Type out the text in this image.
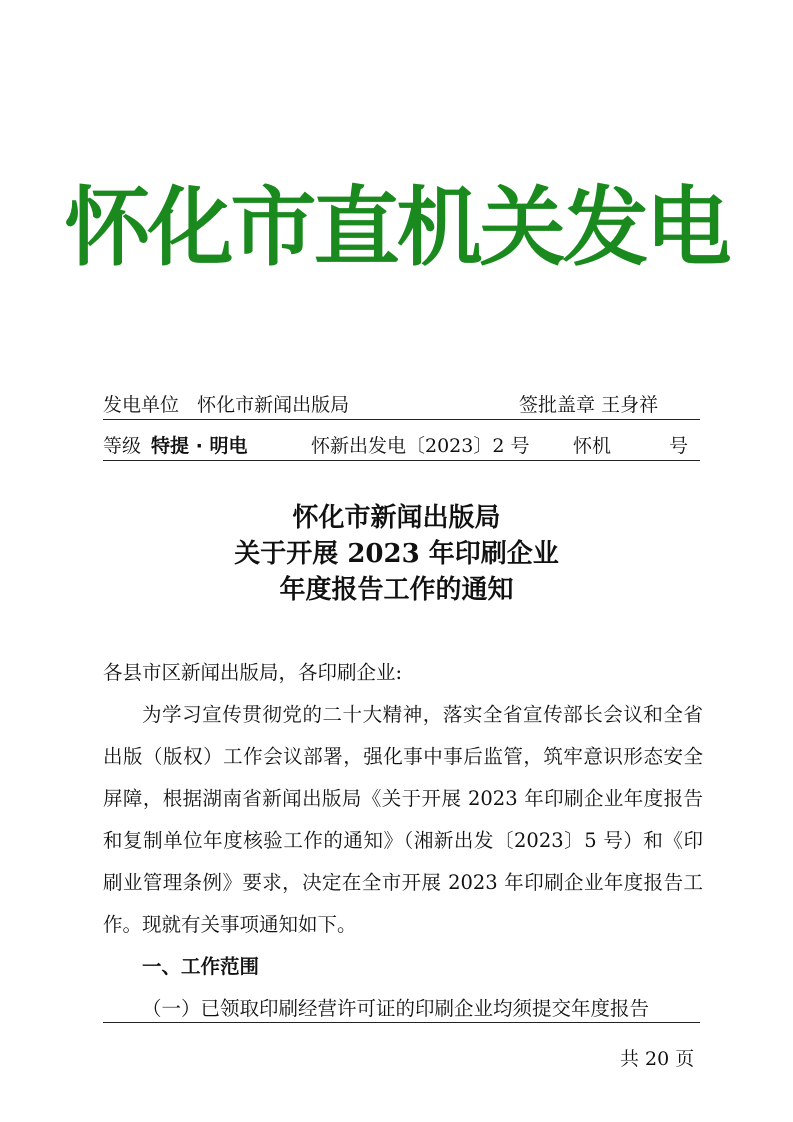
怀化市直机关发电
发电单位 怀化市新闻出版局	签批盖章 王身祥
等级 特提 · 明电	怀新出发电〔2023〕2 号 怀机	号
怀化市新闻出版局
关于开展 2023 年印刷企业
年度报告工作的通知

各县市区新闻出版局，各印刷企业:

为学习宣传贯彻党的二十大精神，落实全省宣传部长会议和全省出版（版权）工作会议部署，强化事中事后监管，筑牢意识形态安全屏障，根据湖南省新闻出版局《关于开展 2023 年印刷企业年度报告和复制单位年度核验工作的通知》（湘新出发〔2023〕5 号）和《印刷业管理条例》要求，决定在全市开展 2023 年印刷企业年度报告工作。现就有关事项通知如下。

一、工作范围

（一）已领取印刷经营许可证的印刷企业均须提交年度报告

共 20 页
